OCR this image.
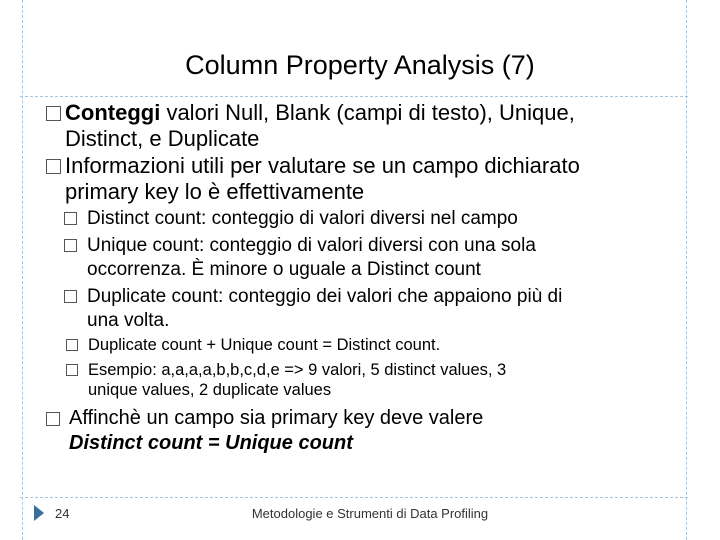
Column Property Analysis (7)
Conteggi valori Null, Blank (campi di testo), Unique,
Distinct, e Duplicate
Informazioni utili per valutare se un campo dichiarato
primary key lo è effettivamente
Distinct count: conteggio di valori diversi nel campo
Unique count: conteggio di valori diversi con una sola
occorrenza. È minore o uguale a Distinct count
Duplicate count: conteggio dei valori che appaiono più di
una volta.
Duplicate count + Unique count = Distinct count.
Esempio: a,a,a,a,b,b,c,d,e => 9 valori, 5 distinct values, 3
unique values, 2 duplicate values
Affinchè un campo sia primary key deve valere
Distinct count = Unique count
24	Metodologie e Strumenti di Data Profiling
